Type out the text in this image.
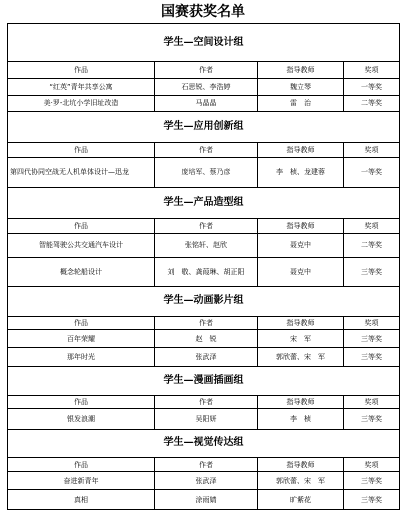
国赛获奖名单
学生—空间设计组			
作品	作者	指导教师	奖项
“红英”青年共享公寓	石思锐、李浩婷	魏立琴	一等奖
美·罗-北坑小学旧址改造	马晶晶	雷　治	二等奖
学生—应用创新组			
作品	作者	指导教师	奖项
第四代协同空战无人机单体设计—迅龙	庞培军、蔡乃彦	李　桢、龙建蓉	一等奖
学生—产品造型组			
作品	作者	指导教师	奖项
智能驾驶公共交通汽车设计	张铭轩、赵欣	聂克中	二等奖
概念轮船设计	刘　敬、龚葭琳、胡正阳	聂克中	三等奖
学生—动画影片组			
作品	作者	指导教师	奖项
百年荣耀	赵　锐	宋　军	三等奖
那年时光	张武泽	郭欣蕾、宋　军	三等奖
学生—漫画插画组			
作品	作者	指导教师	奖项
银发浪潮	吴阳妍	李　桢	三等奖
学生—视觉传达组			
作品	作者	指导教师	奖项
奋进新青年	张武泽	郭欣蕾、宋　军	三等奖
真相	涂雨婧	旷紫花	三等奖
